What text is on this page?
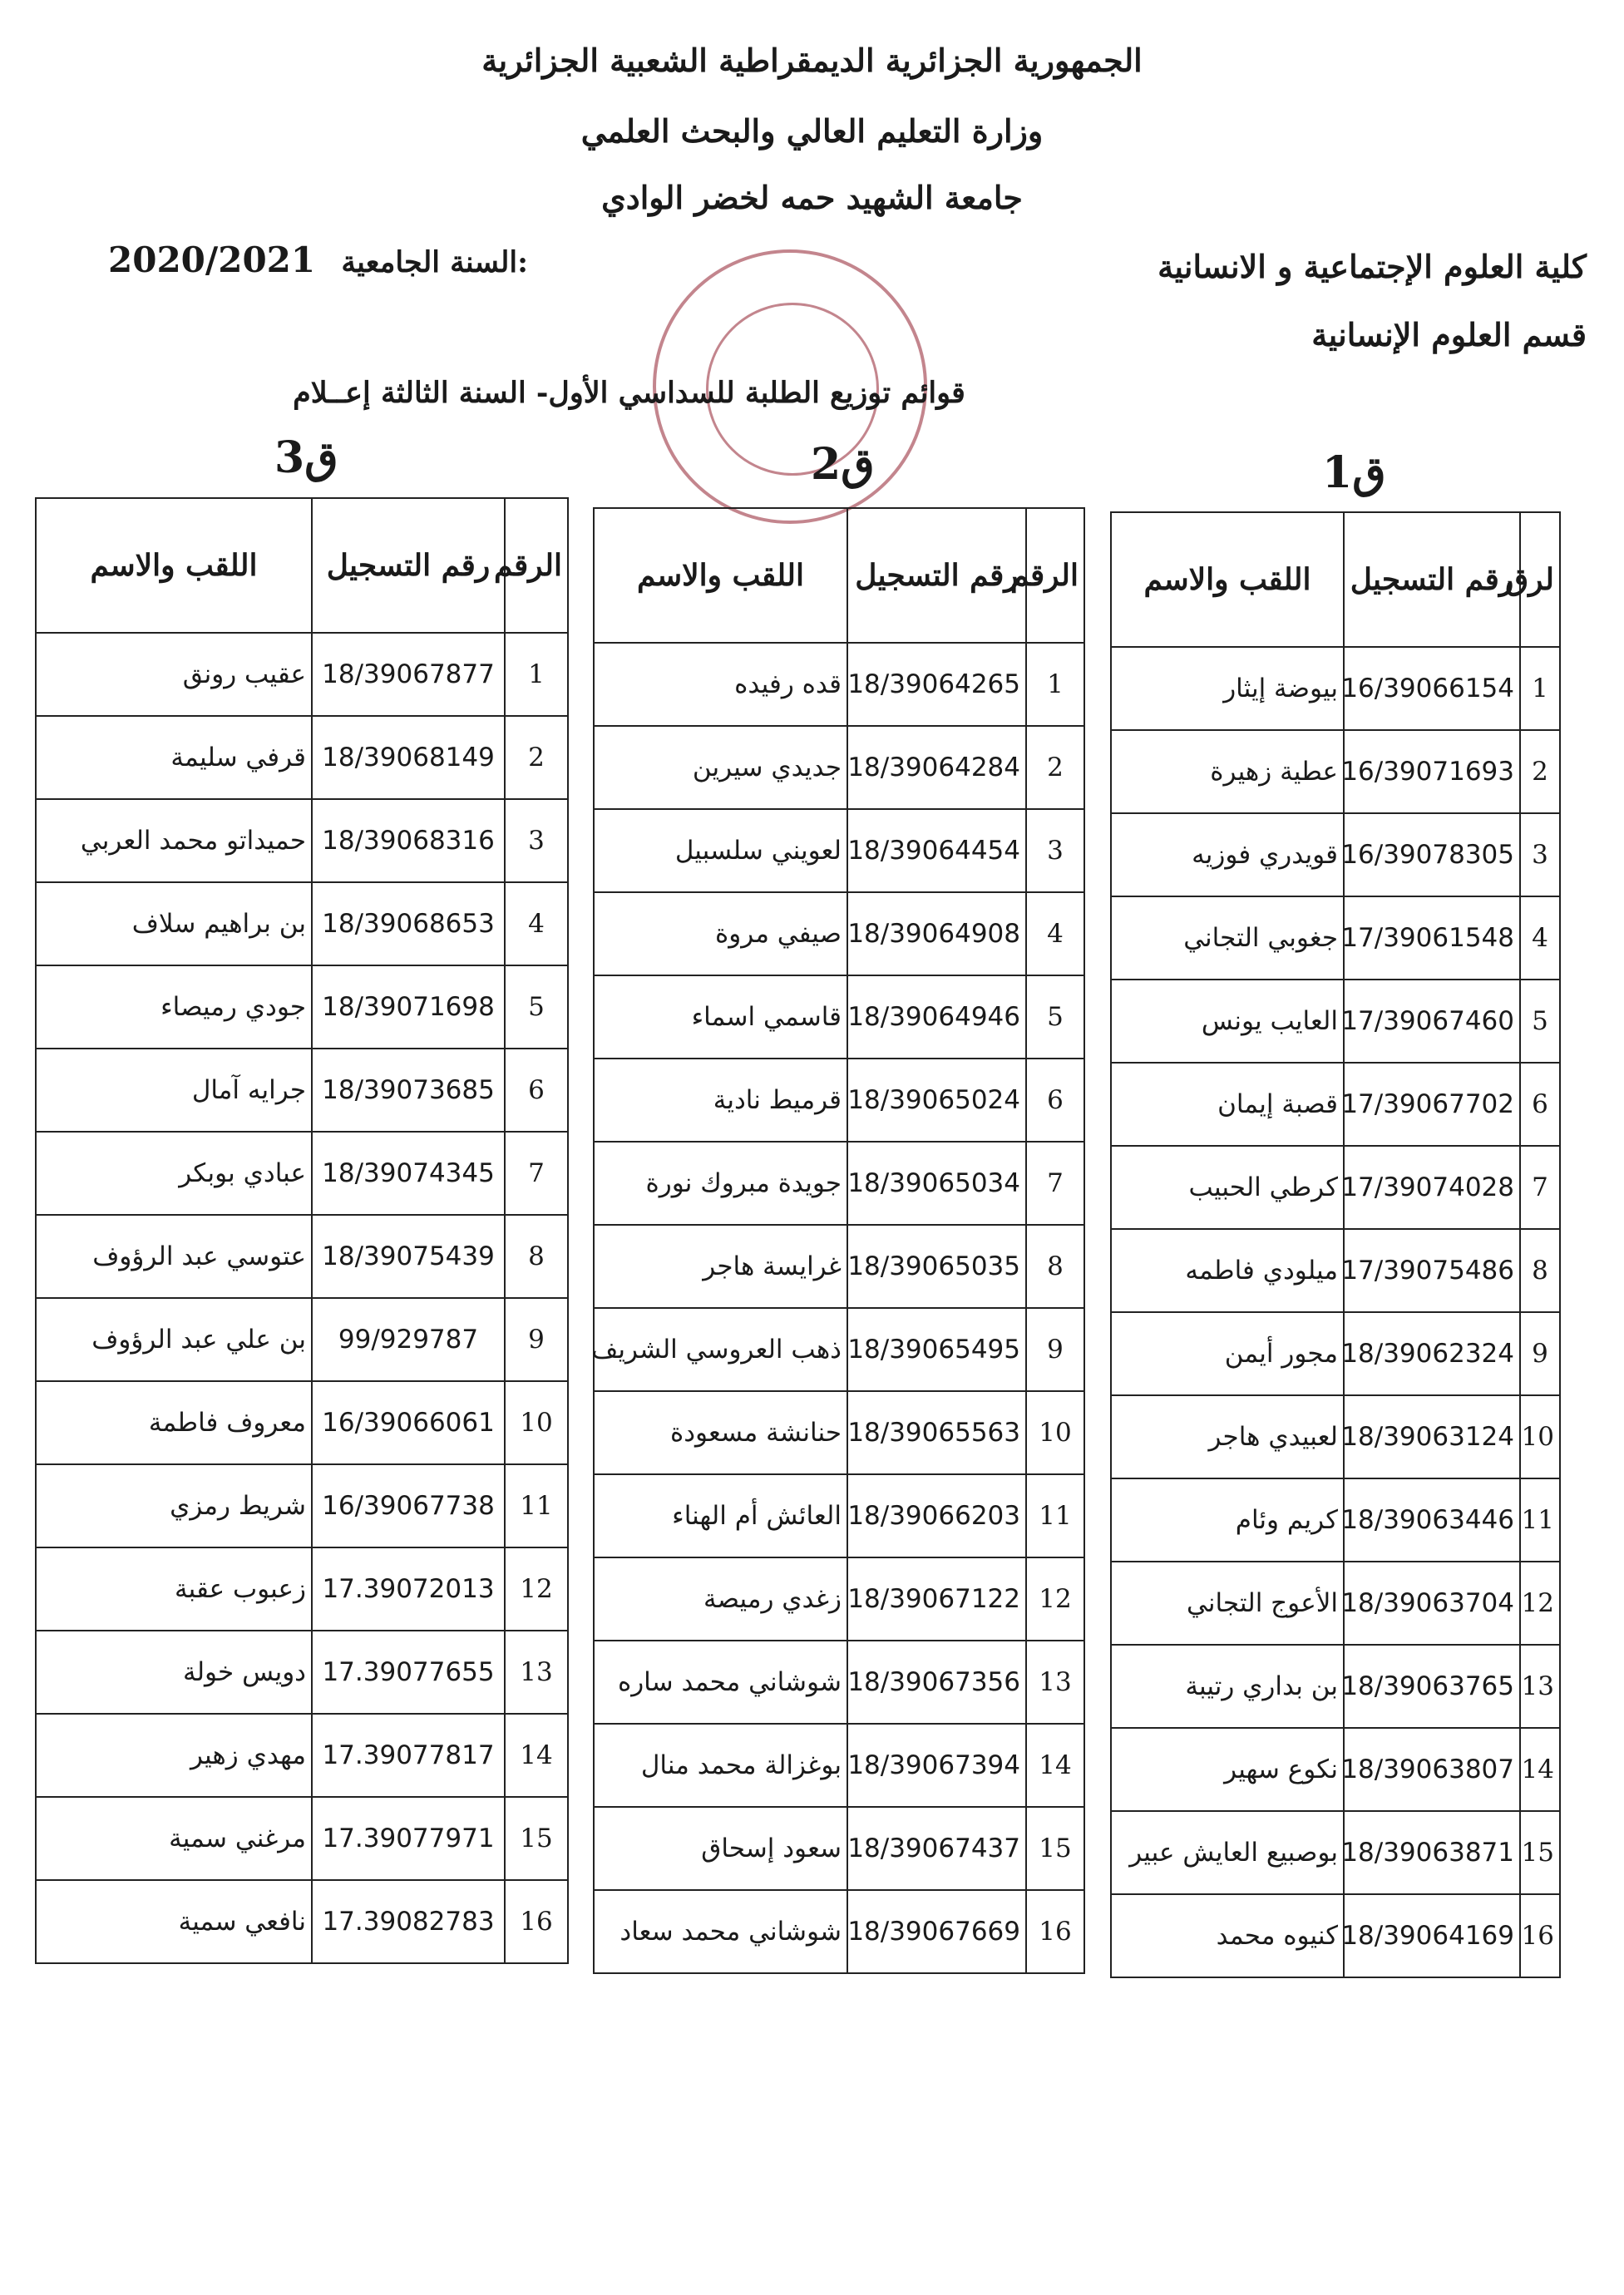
الجمهورية الجزائرية الديمقراطية الشعبية الجزائرية
وزارة التعليم العالي والبحث العلمي
جامعة الشهيد حمه لخضر الوادي
كلية العلوم الإجتماعية و الانسانية
قسم العلوم الإنسانية
2020/2021 السنة الجامعية:
قوائم توزيع الطلبة للسداسي الأول- السنة الثالثة إعــلام
ق1
ق2
ق3
لرق	رقم التسجيل	اللقب والاسم
1	16/39066154	بيوضة إيثار
2	16/39071693	عطية زهيرة
3	16/39078305	قويدري فوزيه
4	17/39061548	جغوبي التجاني
5	17/39067460	العايب يونس
6	17/39067702	قصبة إيمان
7	17/39074028	كرطي الحبيب
8	17/39075486	ميلودي فاطمه
9	18/39062324	مجور أيمن
10	18/39063124	لعبيدي هاجر
11	18/39063446	كريم وئام
12	18/39063704	الأعوج التجاني
13	18/39063765	بن بداري رتيبة
14	18/39063807	نكوع سهير
15	18/39063871	بوصبيع العايش عبير
16	18/39064169	كنيوه محمد
الرقم	رقم التسجيل	اللقب والاسم
1	18/39064265	قده رفيده
2	18/39064284	جديدي سيرين
3	18/39064454	لعويني سلسبيل
4	18/39064908	صيفي مروة
5	18/39064946	قاسمي اسماء
6	18/39065024	قرميط نادية
7	18/39065034	جويدة مبروك نورة
8	18/39065035	غرايسة هاجر
9	18/39065495	ذهب العروسي الشريف
10	18/39065563	حنانشة مسعودة
11	18/39066203	العائش أم الهناء
12	18/39067122	زغدي رميصة
13	18/39067356	شوشاني محمد ساره
14	18/39067394	بوغزالة محمد منال
15	18/39067437	سعود إسحاق
16	18/39067669	شوشاني محمد سعاد
الرقم	رقم التسجيل	اللقب والاسم
1	18/39067877	عقيب رونق
2	18/39068149	قرفي سليمة
3	18/39068316	حميداتو محمد العربي
4	18/39068653	بن براهيم سلاف
5	18/39071698	جودي رميصاء
6	18/39073685	جرايه آمال
7	18/39074345	عبادي بوبكر
8	18/39075439	عتوسي عبد الرؤوف
9	99/929787	بن علي عبد الرؤوف
10	16/39066061	معروف فاطمة
11	16/39067738	شريط رمزي
12	17.39072013	زعبوب عقبة
13	17.39077655	دويس خولة
14	17.39077817	مهدي زهير
15	17.39077971	مرغني سمية
16	17.39082783	نافعي سمية
